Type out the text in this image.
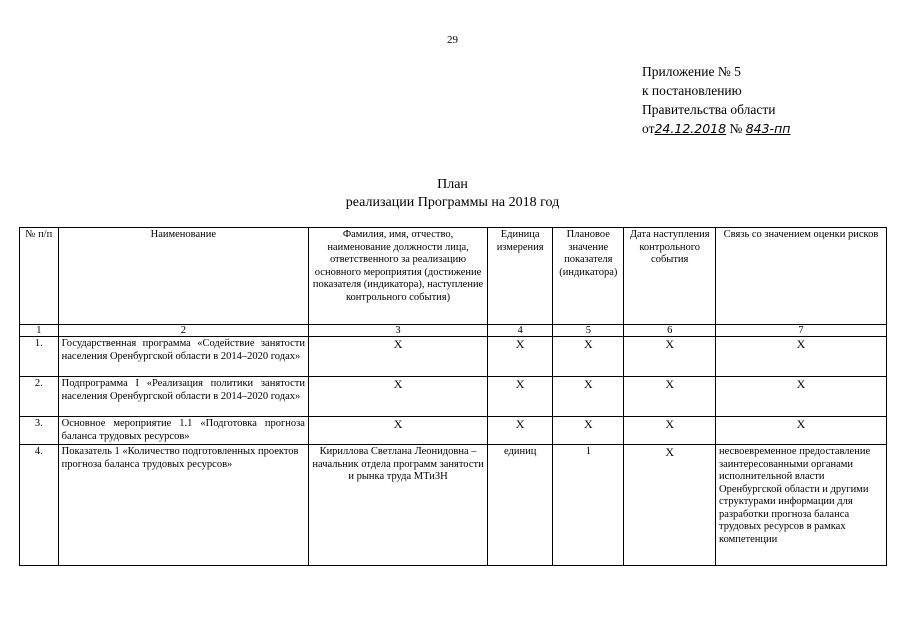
29
Приложение № 5
к постановлению
Правительства области
от24.12.2018 № 843-пп
План
реализации Программы на 2018 год
№ п/п	Наименование	Фамилия, имя, отчество, наименование должности лица, ответственного за реализацию основного мероприятия (достижение показателя (индикатора), наступление контрольного события)	Единица измерения	Плановое значение показателя (индикатора)	Дата наступления контрольного события	Связь со значением оценки рисков
1	2	3	4	5	6	7
1.	Государственная программа «Содействие занятости населения Оренбургской области в 2014–2020 годах»	Х	Х	Х	Х	Х
2.	Подпрограмма I «Реализация политики занятости населения Оренбургской области в 2014–2020 годах»	Х	Х	Х	Х	Х
3.	Основное мероприятие 1.1 «Подготовка прогноза баланса трудовых ресурсов»	Х	Х	Х	Х	Х
4.	Показатель 1 «Количество подготовленных проектов прогноза баланса трудовых ресурсов»	Кириллова Светлана Леонидовна – начальник отдела программ занятости и рынка труда МТиЗН	единиц	1	Х	несвоевременное предоставление заинтересованными органами исполнительной власти Оренбургской области и другими структурами информации для разработки прогноза баланса трудовых ресурсов в рамках компетенции
